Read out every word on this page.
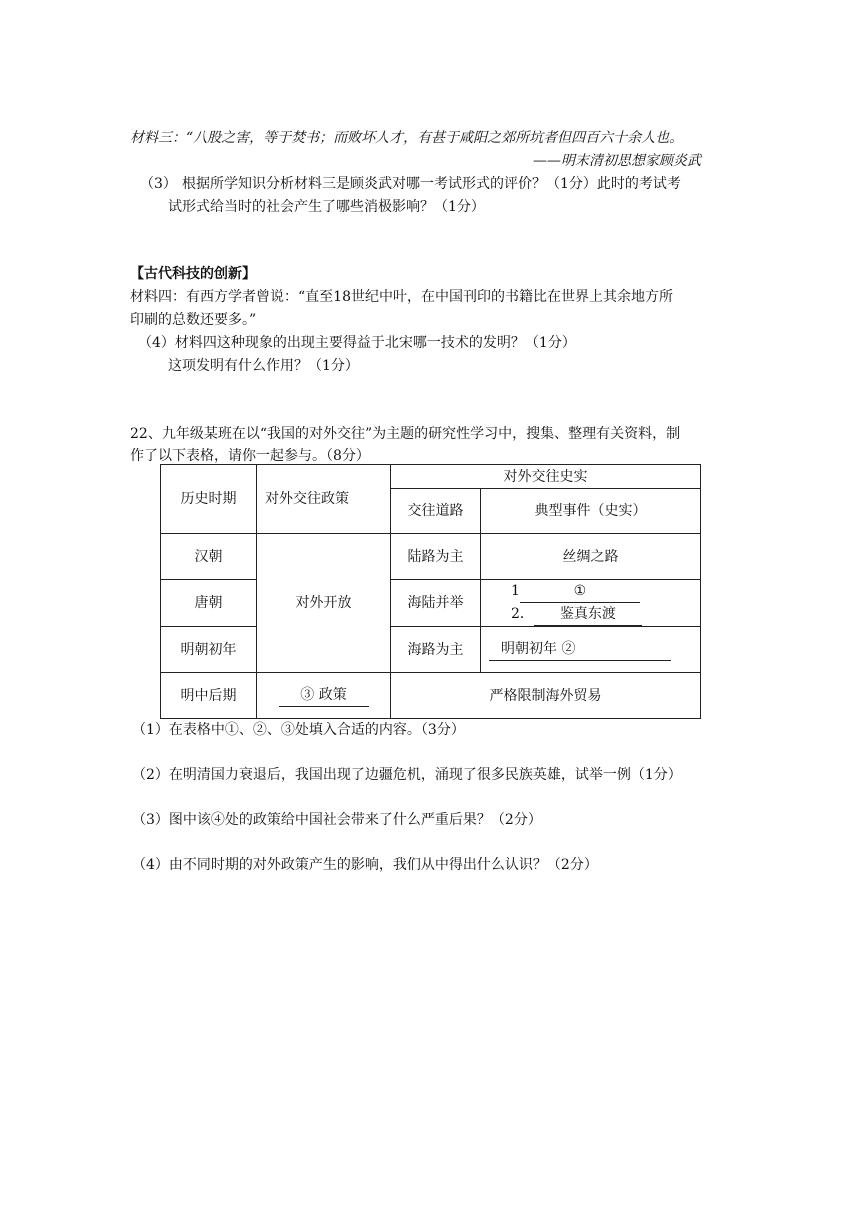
材料三：“八股之害，等于焚书；而败坏人才，有甚于咸阳之郊所坑者但四百六十余人也。
——明末清初思想家顾炎武
（3） 根据所学知识分析材料三是顾炎武对哪一考试形式的评价？（1分）此时的考试考
试形式给当时的社会产生了哪些消极影响？（1分）
【古代科技的创新】
材料四：有西方学者曾说：“直至18世纪中叶，在中国刊印的书籍比在世界上其余地方所
印刷的总数还要多。”
（4）材料四这种现象的出现主要得益于北宋哪一技术的发明？（1分）
这项发明有什么作用？（1分）
22、九年级某班在以“我国的对外交往”为主题的研究性学习中，搜集、整理有关资料，制
作了以下表格，请你一起参与。（8分）
历史时期	对外交往政策	对外交往史实	
		交往道路	典型事件（史实）
汉朝	对外开放	陆路为主	丝绸之路
唐朝		海陆并举	1 ①
2． 鉴真东渡

明朝初年		海路为主	明朝初年 ②
明中后期	③ 政策	严格限制海外贸易	
（1）在表格中①、②、③处填入合适的内容。（3分）
（2）在明清国力衰退后，我国出现了边疆危机，涌现了很多民族英雄，试举一例（1分）
（3）图中该④处的政策给中国社会带来了什么严重后果？（2分）
（4）由不同时期的对外政策产生的影响，我们从中得出什么认识？（2分）
